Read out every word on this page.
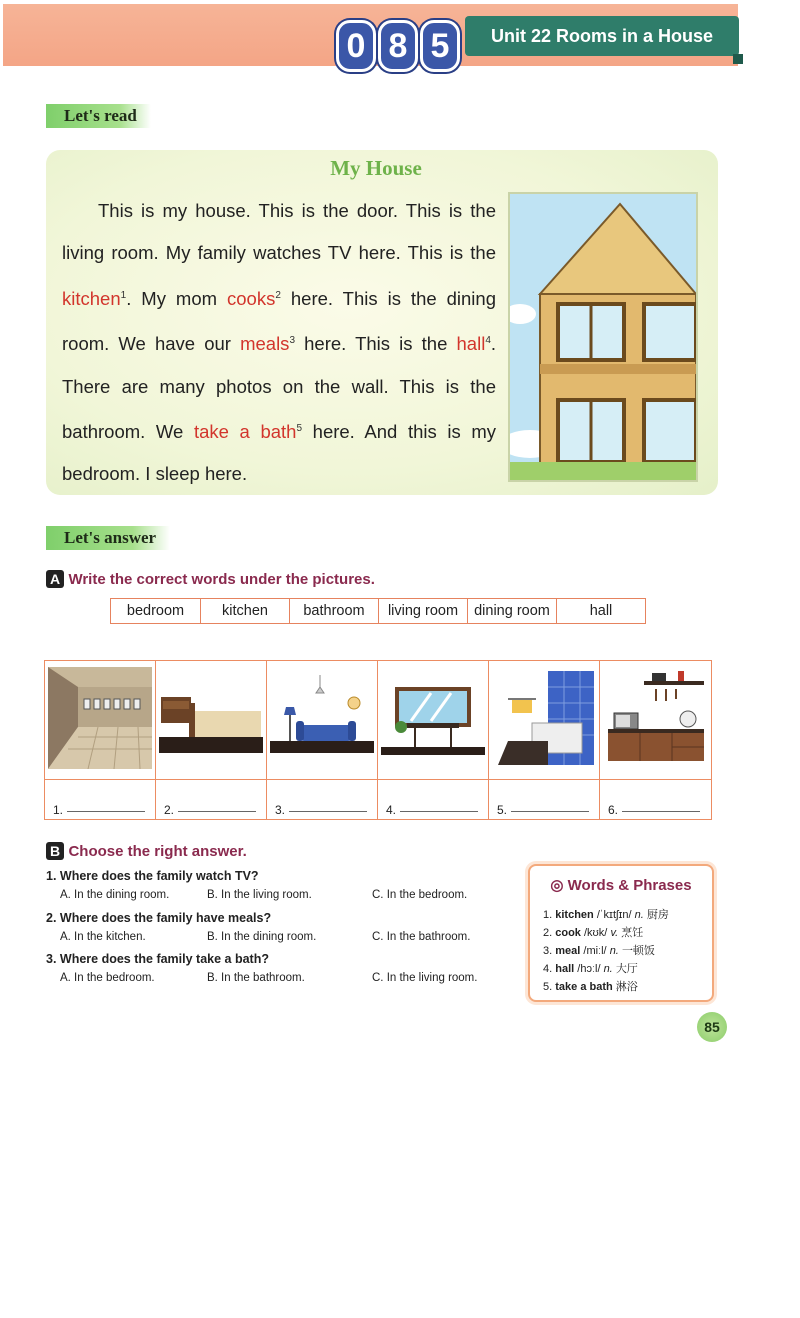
0 8 5	Unit 22 Rooms in a House
Let's read
My House

This is my house. This is the door. This is the living room. My family watches TV here. This is the kitchen$^1$. My mom cooks$^2$ here. This is the dining room. We have our meals$^3$ here. This is the hall$^4$. There are many photos on the wall. This is the bathroom. We take a bath$^5$ here. And this is my bedroom. I sleep here.

Let's answer
A Write the correct words under the pictures.
bedroom	kitchen	bathroom	living room	dining room	hall
1.	2.	3.	4.	5.	6.
B Choose the right answer.
1. Where does the family watch TV?
A. In the dining room.	B. In the living room.	C. In the bedroom.
2. Where does the family have meals?
A. In the kitchen.	B. In the dining room.	C. In the bathroom.
3. Where does the family take a bath?
A. In the bedroom.	B. In the bathroom.	C. In the living room.
◎ Words & Phrases
1. kitchen /ˈkɪtʃɪn/ n. 厨房
2. cook /kʊk/ v. 烹饪
3. meal /miːl/ n. 一顿饭
4. hall /hɔːl/ n. 大厅
5. take a bath 淋浴
85
